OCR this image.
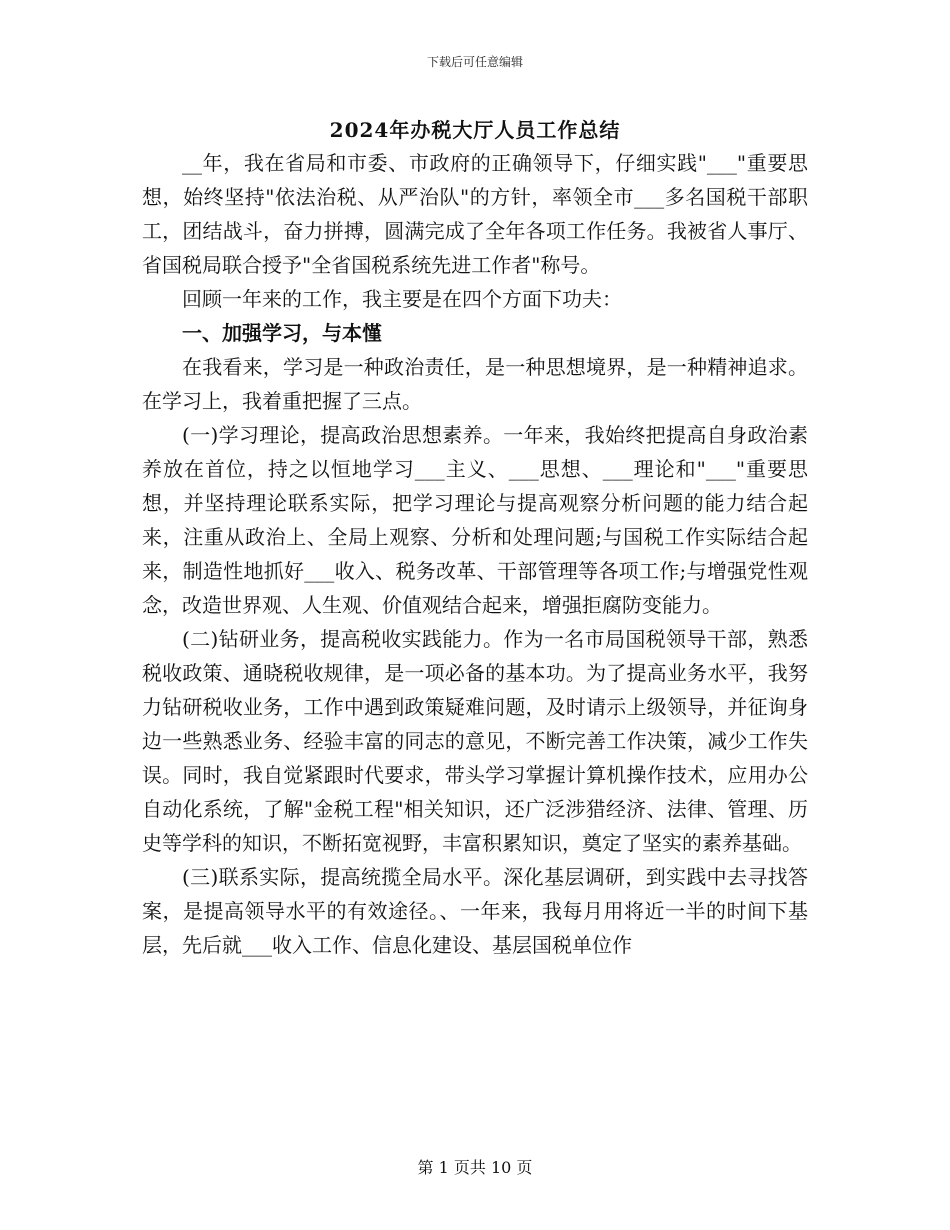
下载后可任意编辑
2024年办税大厅人员工作总结

__年，我在省局和市委、市政府的正确领导下，仔细实践"___"重要思想，始终坚持"依法治税、从严治队"的方针，率领全市___多名国税干部职工，团结战斗，奋力拼搏，圆满完成了全年各项工作任务。我被省人事厅、省国税局联合授予"全省国税系统先进工作者"称号。

回顾一年来的工作，我主要是在四个方面下功夫：

一、加强学习，与本慬

在我看来，学习是一种政治责任，是一种思想境界，是一种精神追求。在学习上，我着重把握了三点。

(一)学习理论，提高政治思想素养。一年来，我始终把提高自身政治素养放在首位，持之以恒地学习___主义、___思想、___理论和"___"重要思想，并坚持理论联系实际，把学习理论与提高观察分析问题的能力结合起来，注重从政治上、全局上观察、分析和处理问题;与国税工作实际结合起来，制造性地抓好___收入、税务改革、干部管理等各项工作;与增强党性观念，改造世界观、人生观、价值观结合起来，增强拒腐防变能力。

(二)钻研业务，提高税收实践能力。作为一名市局国税领导干部，熟悉税收政策、通晓税收规律，是一项必备的基本功。为了提高业务水平，我努力钻研税收业务，工作中遇到政策疑难问题，及时请示上级领导，并征询身边一些熟悉业务、经验丰富的同志的意见，不断完善工作决策，减少工作失误。同时，我自觉紧跟时代要求，带头学习掌握计算机操作技术，应用办公自动化系统，了解"金税工程"相关知识，还广泛涉猎经济、法律、管理、历史等学科的知识，不断拓宽视野，丰富积累知识，奠定了坚实的素养基础。

(三)联系实际，提高统揽全局水平。深化基层调研，到实践中去寻找答案，是提高领导水平的有效途径。、一年来，我每月用将近一半的时间下基层，先后就___收入工作、信息化建设、基层国税单位作

第 1 页共 10 页
